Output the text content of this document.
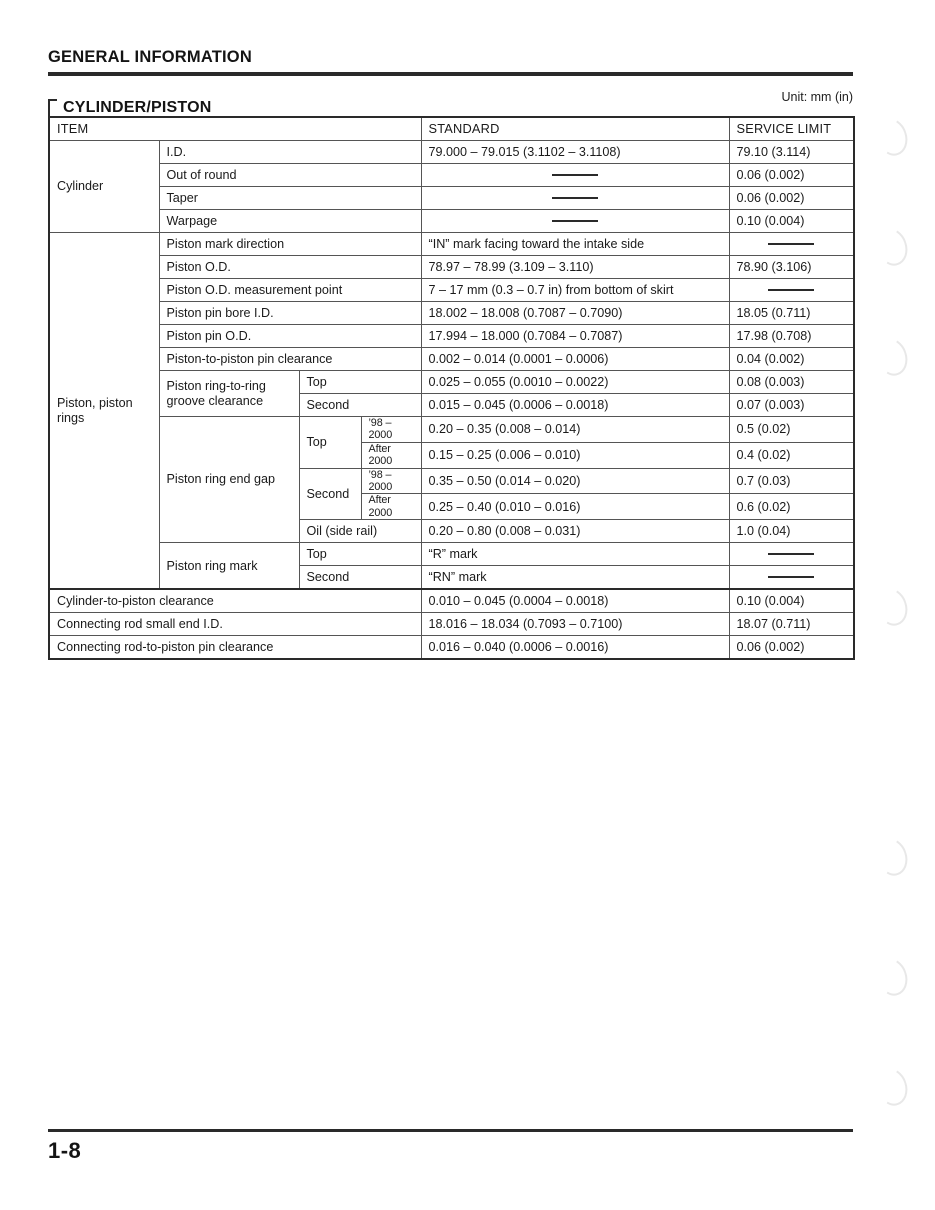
GENERAL INFORMATION
Unit: mm (in)
CYLINDER/PISTON
ITEM				STANDARD	SERVICE LIMIT
Cylinder	I.D.			79.000 – 79.015 (3.1102 – 3.1108)	79.10 (3.114)
	Out of round				0.06 (0.002)
	Taper				0.06 (0.002)
	Warpage				0.10 (0.004)
Piston, piston rings	Piston mark direction			“IN” mark facing toward the intake side	

	Piston O.D.			78.97 – 78.99 (3.109 – 3.110)	78.90 (3.106)
	Piston O.D. measurement point			7 – 17 mm (0.3 – 0.7 in) from bottom of skirt	

	Piston pin bore I.D.			18.002 – 18.008 (0.7087 – 0.7090)	18.05 (0.711)
	Piston pin O.D.			17.994 – 18.000 (0.7084 – 0.7087)	17.98 (0.708)
	Piston-to-piston pin clearance			0.002 – 0.014 (0.0001 – 0.0006)	0.04 (0.002)
	Piston ring-to-ring groove clearance	Top		0.025 – 0.055 (0.0010 – 0.0022)	0.08 (0.003)
		Second		0.015 – 0.045 (0.0006 – 0.0018)	0.07 (0.003)
	Piston ring end gap	Top	’98 – 2000	0.20 – 0.35 (0.008 – 0.014)	0.5 (0.02)
			After 2000	0.15 – 0.25 (0.006 – 0.010)	0.4 (0.02)
		Second	’98 – 2000	0.35 – 0.50 (0.014 – 0.020)	0.7 (0.03)
			After 2000	0.25 – 0.40 (0.010 – 0.016)	0.6 (0.02)
		Oil (side rail)		0.20 – 0.80 (0.008 – 0.031)	1.0 (0.04)
	Piston ring mark	Top		“R” mark	

		Second		“RN” mark	

Cylinder-to-piston clearance				0.010 – 0.045 (0.0004 – 0.0018)	0.10 (0.004)
Connecting rod small end I.D.				18.016 – 18.034 (0.7093 – 0.7100)	18.07 (0.711)
Connecting rod-to-piston pin clearance				0.016 – 0.040 (0.0006 – 0.0016)	0.06 (0.002)
1-8
